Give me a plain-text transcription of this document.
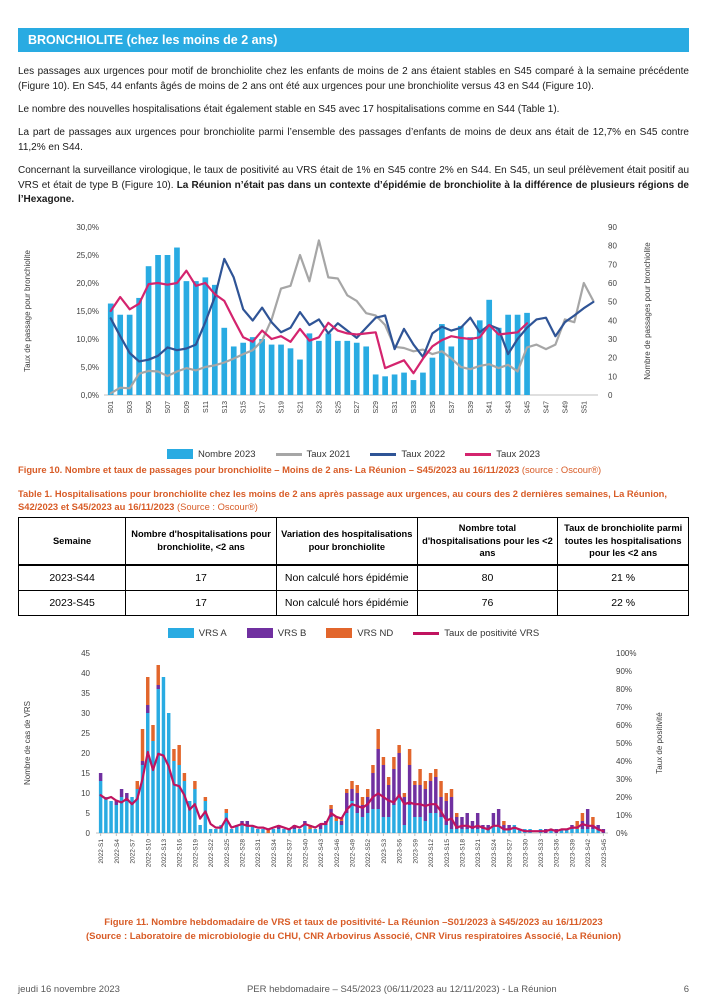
BRONCHIOLITE (chez les moins de 2 ans)

Les passages aux urgences pour motif de bronchiolite chez les enfants de moins de 2 ans étaient stables en S45 comparé à la semaine précédente (Figure 10). En S45, 44 enfants âgés de moins de 2 ans ont été aux urgences pour une bronchiolite versus 43 en S44 (Figure 10).

Le nombre des nouvelles hospitalisations était également stable en S45 avec 17 hospitalisations comme en S44 (Table 1).

La part de passages aux urgences pour bronchiolite parmi l’ensemble des passages d’enfants de moins de deux ans était de 12,7% en S45 contre 11,2% en S44.

Concernant la surveillance virologique, le taux de positivité au VRS était de 1% en S45 contre 2% en S44. En S45, un seul prélèvement était positif au VRS et était de type B (Figure 10). La Réunion n’était pas dans un contexte d’épidémie de bronchiolite à la différence de plusieurs régions de l’Hexagone.

0,0%
5,0%
10,0%
15,0%
20,0%
25,0%
30,0%
0
10
20
30
40
50
60
70
80
90
S01 S03 S05 S07 S09 S11 S13 S15 S17 S19 S21 S23 S25 S27 S29 S31 S33 S35 S37 S39 S41 S43 S45 S47 S49 S51
Taux de passage pour bronchiolite	Nombre de passages pour bronchiolite
Nombre 2023	Taux 2021	Taux 2022	Taux 2023

Figure 10. Nombre et taux de passages pour bronchiolite – Moins de 2 ans- La Réunion – S45/2023 au 16/11/2023 (source : Oscour®)

Table 1. Hospitalisations pour bronchiolite chez les moins de 2 ans après passage aux urgences, au cours des 2 dernières semaines, La Réunion, S42/2023 et S45/2023 au 16/11/2023 (Source : Oscour®)

Semaine	Nombre d'hospitalisations pour bronchiolite, <2 ans	Variation des hospitalisations pour bronchiolite	Nombre total d'hospitalisations pour les <2 ans	Taux de bronchiolite parmi toutes les hospitalisations pour les <2 ans
2023-S44	17	Non calculé hors épidémie	80	21 %
2023-S45	17	Non calculé hors épidémie	76	22 %
VRS A	VRS B	VRS ND	Taux de positivité VRS
0
5
10
15
20
25
30
35
40
45
0%
10%
20%
30%
40%
50%
60%
70%
80%
90%
100%
2022-S1 2022-S4 2022-S7 2022-S10 2022-S13 2022-S16 2022-S19 2022-S22 2022-S25 2022-S28 2022-S31 2022-S34 2022-S37 2022-S40 2022-S43 2022-S46 2022-S49 2022-S52 2023-S3 2023-S6 2023-S9 2023-S12 2023-S15 2023-S18 2023-S21 2023-S24 2023-S27 2023-S30 2023-S33 2023-S36 2023-S39 2023-S42 2023-S45
Nombre de cas de VRS	Taux de positivité

Figure 11. Nombre hebdomadaire de VRS et taux de positivité- La Réunion –S01/2023 à S45/2023 au 16/11/2023
(Source : Laboratoire de microbiologie du CHU, CNR Arbovirus Associé, CNR Virus respiratoires Associé, La Réunion)

jeudi 16 novembre 2023	PER hebdomadaire – S45/2023 (06/11/2023 au 12/11/2023) - La Réunion	6
